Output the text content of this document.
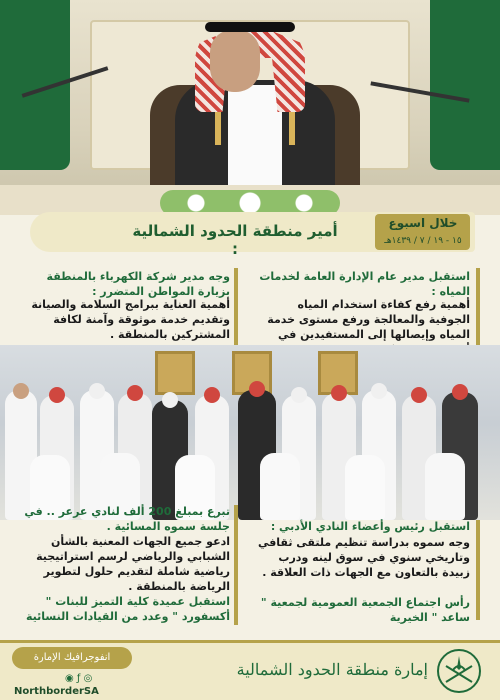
أمير منطقة الحدود الشمالية :
خلال اسبوع
١٥ - ١٩ / ٧ / ١٤٣٩هـ
استقبل مدير عام الإدارة العامة لخدمات المياه :
أهمية رفع كفاءة استخدام المياه الجوفية والمعالجة ورفع مستوى خدمة المياه وإيصالها إلى المستفيدين في
وجه مدير شركة الكهرباء بالمنطقة بزيارة المواطن المتضرر :
أهمية العناية ببرامج السلامة والصيانة وتقديم خدمة موثوقة وآمنة لكافة المشتركين بالمنطقة .
استقبل رئيس وأعضاء النادي الأدبي :
وجه سموه بدراسة تنظيم ملتقى ثقافي وتاريخي سنوي في سوق لينه ودرب زبيدة بالتعاون مع الجهات ذات العلاقة .
رأس اجتماع الجمعية العمومية لجمعية " ساعد " الخيرية
تبرع بمبلغ 200 ألف لنادي عرعر .. في جلسة سموه المسائية .
ادعو جميع الجهات المعنية بالشأن الشبابي والرياضي لرسم استراتيجية رياضية شاملة لتقديم حلول لتطوير الرياضة بالمنطقة .
استقبل عميدة كلية التميز للبنات " أكسفورد " وعدد من القيادات النسائية
انفوجرافيك الإمارة
◎ ƒ ◉
NorthborderSA
إمارة منطقة الحدود الشمالية
